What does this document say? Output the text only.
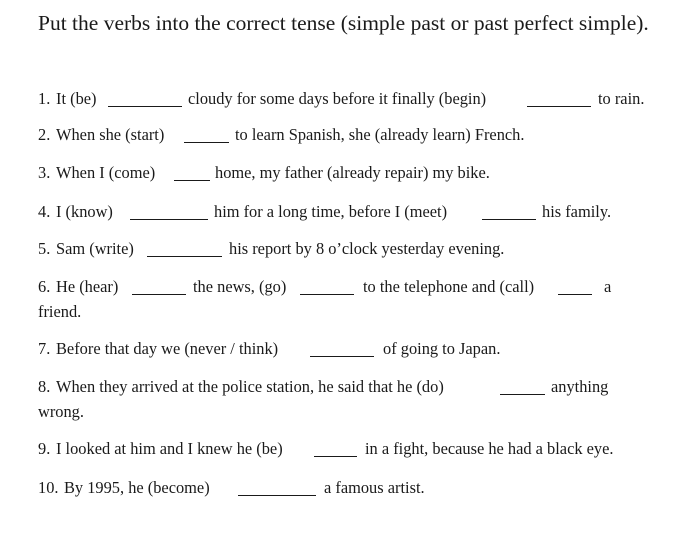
Put the verbs into the correct tense (simple past or past perfect simple).
1. It (be)	cloudy for some days before it finally (begin)	to rain.
2. When she (start)	to learn Spanish, she (already learn) French.
3. When I (come)	home, my father (already repair) my bike.
4. I (know)	him for a long time, before I (meet)	his family.
5. Sam (write)	his report by 8 o’clock yesterday evening.
6. He (hear)	the news, (go)	to the telephone and (call)	a
friend.
7. Before that day we (never / think)	of going to Japan.
8. When they arrived at the police station, he said that he (do)	anything
wrong.
9. I looked at him and I knew he (be)	in a fight, because he had a black eye.
10. By 1995, he (become)	a famous artist.
